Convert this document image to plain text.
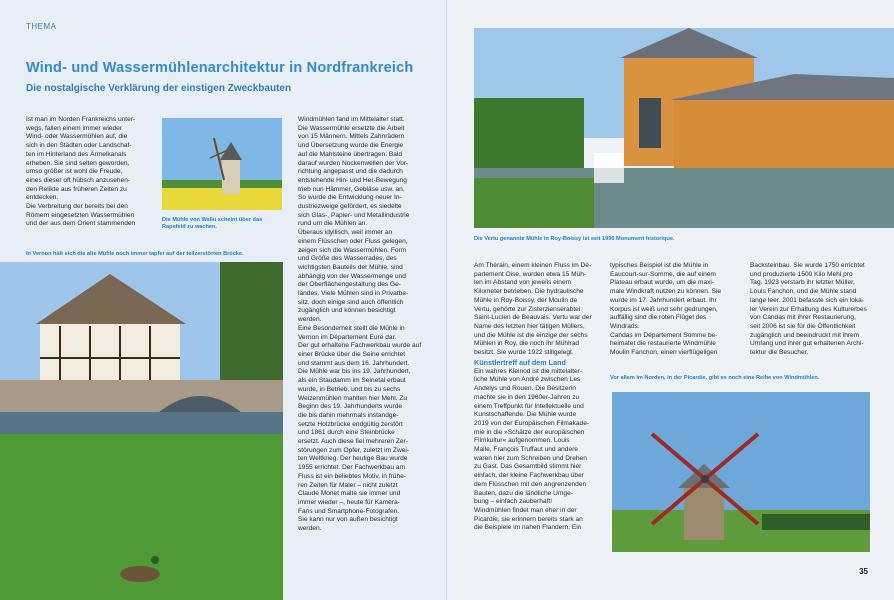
THEMA
Wind- und Wassermühlenarchitektur in Nordfrankreich
Die nostalgische Verklärung der einstigen Zweckbauten
Ist man im Norden Frankreichs unter-
wegs, fallen einem immer wieder
Wind- oder Wassermühlen auf, die
sich in den Städten oder Landschaf-
ten im Hinterland des Ärmelkanals
erheben. Sie sind selten geworden,
umso größer ist wohl die Freude,
eines dieser oft hübsch anzusehen-
den Relikte aus früheren Zeiten zu
entdecken.
Die Verbreitung der bereits bei den
Römern eingesetzten Wassermühlen
und der aus dem Orient stammenden
Die Mühle von Wallu scheint über das
Rapsfeld zu wachen.
In Vernon hält sich die alte Mühle noch immer tapfer auf der teilzerstörten Brücke.
Windmühlen fand im Mittelalter statt.
Die Wassermühle ersetzte die Arbeit
von 15 Männern. Mittels Zahnrädern
und Übersetzung wurde die Energie
auf die Mahlsteine übertragen. Bald
darauf wurden Nockenwellen der Vor-
richtung angepasst und die dadurch
entstehende Hin- und Her-Bewegung
trieb nun Hämmer, Gebläse usw. an.
So wurde die Entwicklung neuer In-
dustriezweige gefördert, es siedelte
sich Glas-, Papier- und Metallindustrie
rund um die Mühlen an.
Überaus idyllisch, weil immer an
einem Flüsschen oder Fluss gelegen,
zeigen sich die Wassermühlen. Form
und Größe des Wasserrades, des
wichtigsten Bauteils der Mühle, sind
abhängig von der Wassermenge und
der Oberflächengestaltung des Ge-
ländes. Viele Mühlen sind in Privatbe-
sitz, doch einige sind auch öffentlich
zugänglich und können besichtigt
werden.
Eine Besonderheit stellt die Mühle in
Vernon im Département Eure dar.
Der gut erhaltene Fachwerkbau wurde auf
einer Brücke über die Seine errichtet
und stammt aus dem 16. Jahrhundert.
Die Mühle war bis ins 19. Jahrhundert,
als ein Staudamm im Seinetal erbaut
wurde, in Betrieb, und bis zu sechs
Weizenmühlen mahlten hier Mehl. Zu
Beginn des 19. Jahrhunderts wurde
die bis dahin mehrmals instandge-
setzte Holzbrücke endgültig zerstört
und 1861 durch eine Steinbrücke
ersetzt. Auch diese fiel mehreren Zer-
störungen zum Opfer, zuletzt im Zwei-
ten Weltkrieg. Der heutige Bau wurde
1955 errichtet. Der Fachwerkbau am
Fluss ist ein beliebtes Motiv, in frühe-
ren Zeiten für Maler – nicht zuletzt
Claude Monet malte sie immer und
immer wieder –, heute für Kamera-
Fans und Smartphone-Fotografen.
Sie kann nur von außen besichtigt
werden.
Die Vertu genannte Mühle in Roy-Boissy ist seit 1990 Monument historique.
Am Thérain, einem kleinen Fluss im Dé-
partement Oise, wurden etwa 15 Müh-
len im Abstand von jeweils einem
Kilometer betrieben. Die hydraulische
Mühle in Roy-Boissy, der Moulin de
Vertu, gehörte zur Zisterzienserabtei
Saint-Lucien de Beauvais. Vertu war der
Name des letzten hier tätigen Müllers,
und die Mühle ist die einzige der sechs
Mühlen in Roy, die noch ihr Mühlrad
besitzt. Sie wurde 1922 stillgelegt.
Künstlertreff auf dem Land
Ein wahres Kleinod ist die mittelalter-
liche Mühle von André zwischen Les
Andelys und Rouen. Die Besitzerin
machte sie in den 1960er-Jahren zu
einem Treffpunkt für Intellektuelle und
Kunstschaffende. Die Mühle wurde
2019 von der Europäischen Filmakade-
mie in die »Schätze der europäischen
Filmkultur« aufgenommen. Louis
Malle, François Truffaut und andere
waren hier zum Schreiben und Drehen
zu Gast. Das Gesamtbild stimmt hier
einfach, der kleine Fachwerkbau über
dem Flüsschen mit den angrenzenden
Bauten, dazu die ländliche Umge-
bung – einfach zauberhaft!
Windmühlen findet man eher in der
Picardie, sie erinnern bereits stark an
die Beispiele im nahen Flandern. Ein
typisches Beispiel ist die Mühle in
Eaucourt-sur-Somme, die auf einem
Plateau erbaut wurde, um die maxi-
male Windkraft nutzen zu können. Sie
wurde im 17. Jahrhundert erbaut. Ihr
Korpus ist weiß und sehr gedrungen,
auffällig sind die roten Flügel des
Windrads.
Candas im Département Somme be-
heimatet die restaurierte Windmühle
Moulin Fanchon, einen vierflügeligen
Backsteinbau. Sie wurde 1750 errichtet
und produzierte 1500 Kilo Mehl pro
Tag. 1923 verstarb ihr letzter Müller,
Louis Fanchon, und die Mühle stand
lange leer. 2001 befasste sich ein loka-
ler Verein zur Erhaltung des Kulturerbes
von Candas mit ihrer Restaurierung,
seit 2006 ist sie für die Öffentlichkeit
zugänglich und beeindruckt mit ihrem
Umfang und ihrer gut erhaltenen Archi-
tektur die Besucher.
Vor allem im Norden, in der Picardie, gibt es noch eine Reihe von Windmühlen.
35
